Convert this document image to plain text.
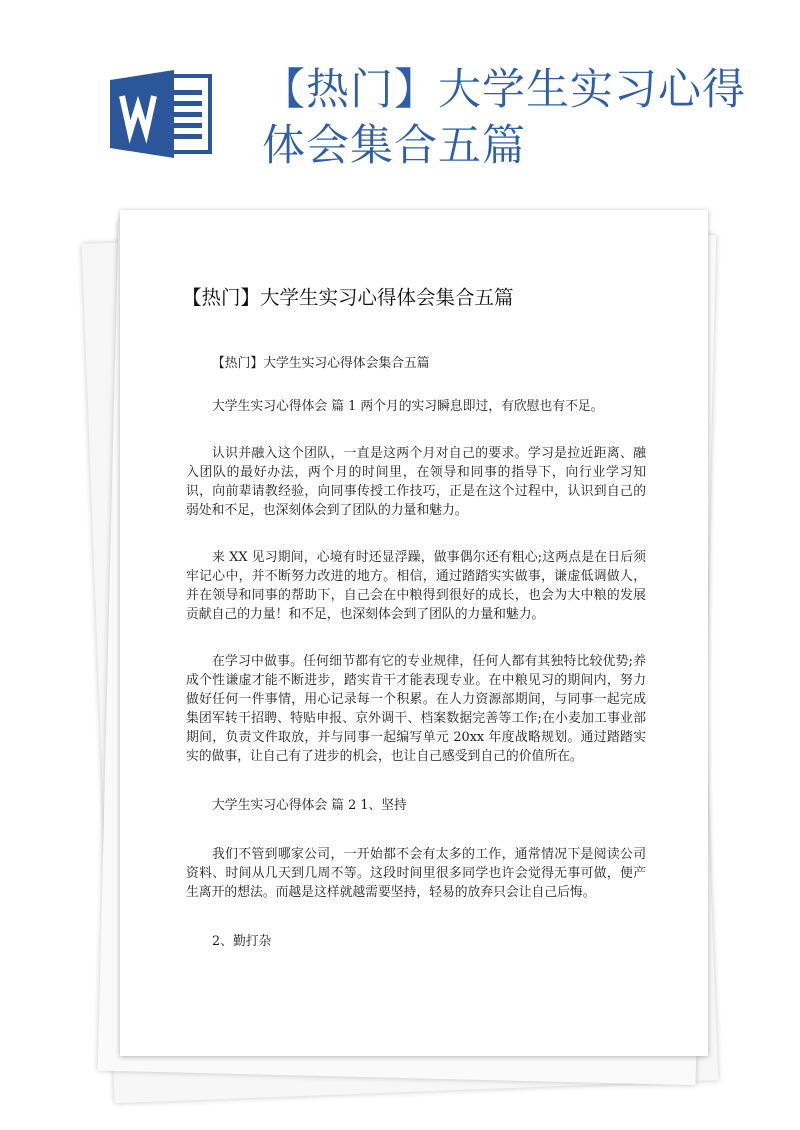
【热门】大学生实习心得体会集合五篇
【热门】大学生实习心得体会集合五篇

【热门】大学生实习心得体会集合五篇

大学生实习心得体会 篇 1 两个月的实习瞬息即过，有欣慰也有不足。

认识并融入这个团队，一直是这两个月对自己的要求。学习是拉近距离、融入团队的最好办法，两个月的时间里，在领导和同事的指导下，向行业学习知识，向前辈请教经验，向同事传授工作技巧，正是在这个过程中，认识到自己的弱处和不足，也深刻体会到了团队的力量和魅力。

来 XX 见习期间，心境有时还显浮躁，做事偶尔还有粗心;这两点是在日后须牢记心中，并不断努力改进的地方。相信，通过踏踏实实做事，谦虚低调做人，并在领导和同事的帮助下，自己会在中粮得到很好的成长，也会为大中粮的发展贡献自己的力量！和不足，也深刻体会到了团队的力量和魅力。

在学习中做事。任何细节都有它的专业规律，任何人都有其独特比较优势;养成个性谦虚才能不断进步，踏实肯干才能表现专业。在中粮见习的期间内，努力做好任何一件事情，用心记录每一个积累。在人力资源部期间，与同事一起完成集团军转干招聘、特贴申报、京外调干、档案数据完善等工作;在小麦加工事业部期间，负责文件取放，并与同事一起编写单元 20xx 年度战略规划。通过踏踏实实的做事，让自己有了进步的机会，也让自己感受到自己的价值所在。

大学生实习心得体会 篇 2 1、坚持

我们不管到哪家公司，一开始都不会有太多的工作，通常情况下是阅读公司资料、时间从几天到几周不等。这段时间里很多同学也许会觉得无事可做，便产生离开的想法。而越是这样就越需要坚持，轻易的放弃只会让自己后悔。

2、勤打杂
